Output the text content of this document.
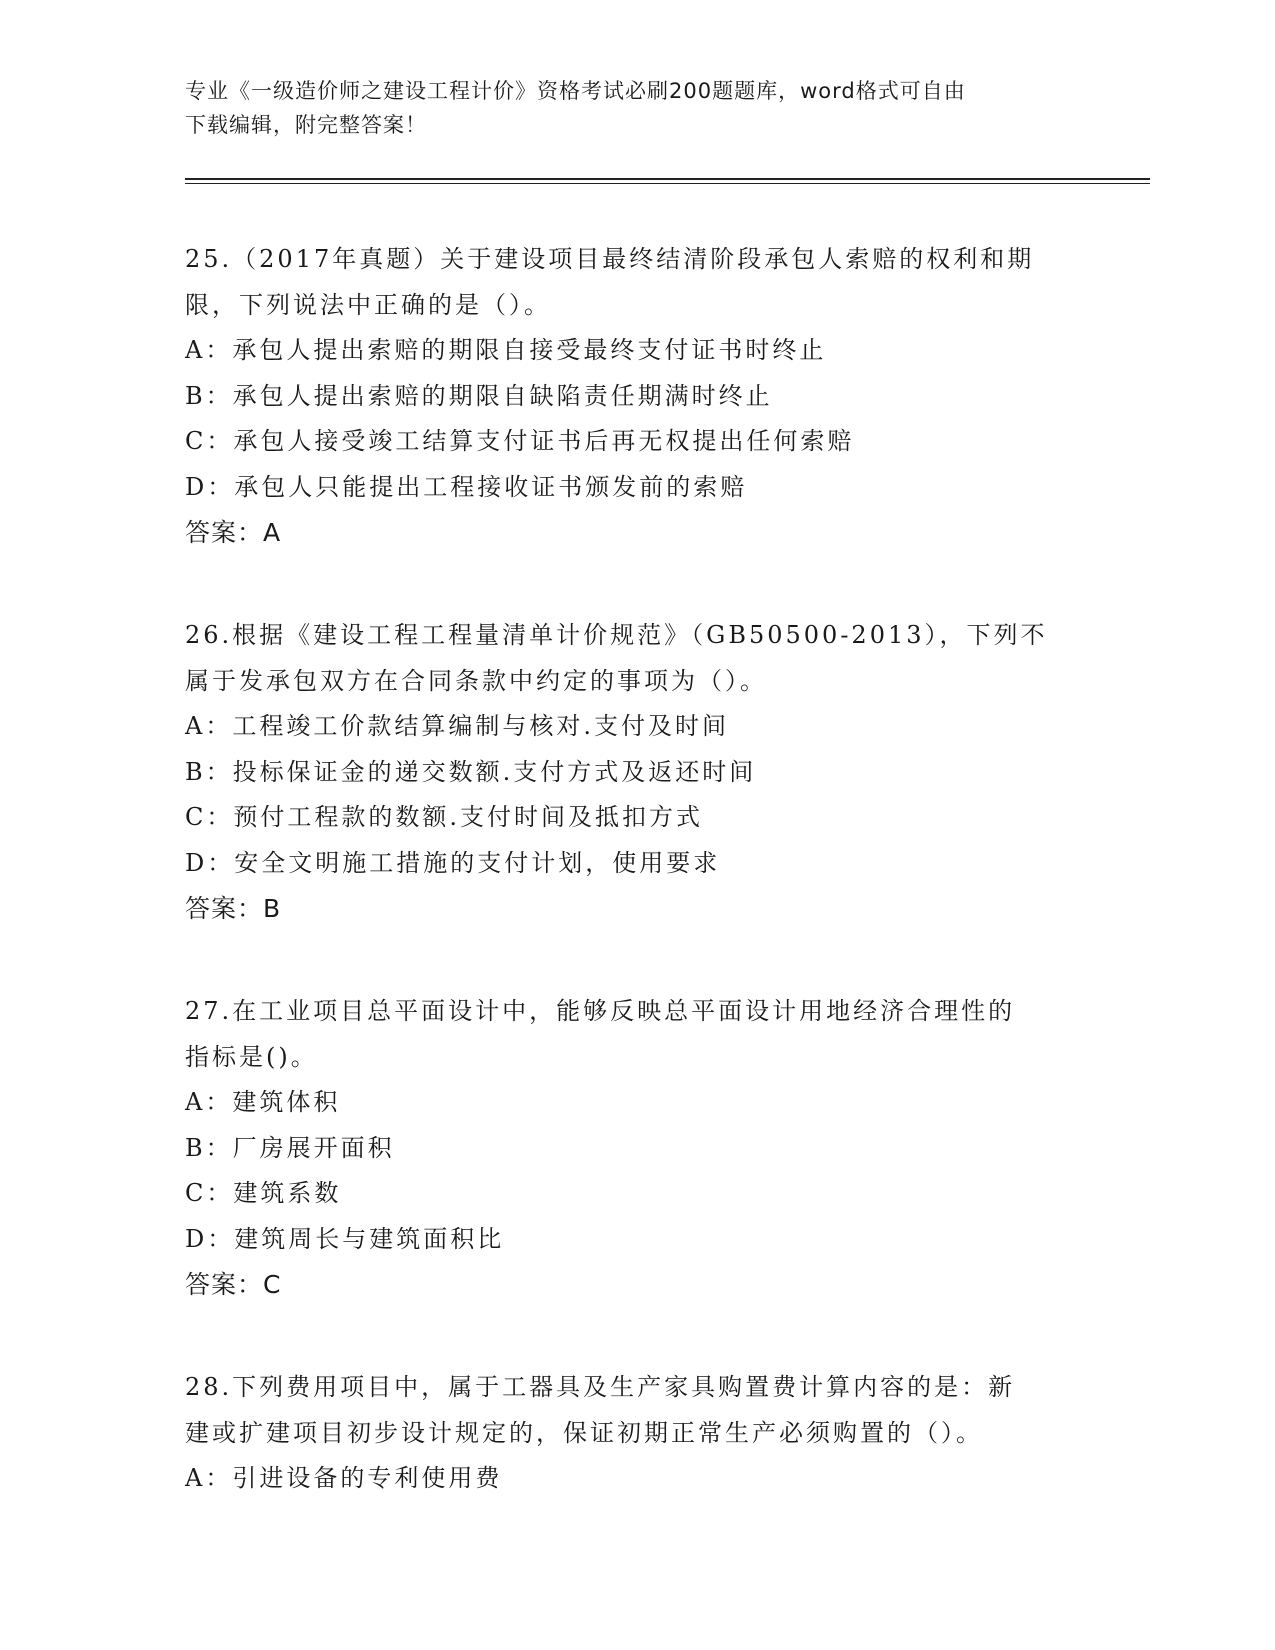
专业《一级造价师之建设工程计价》资格考试必刷200题题库，word格式可自由
下载编辑，附完整答案！

25.（2017年真题）关于建设项目最终结清阶段承包人索赔的权利和期

限，下列说法中正确的是（）。

A：承包人提出索赔的期限自接受最终支付证书时终止

B：承包人提出索赔的期限自缺陷责任期满时终止

C：承包人接受竣工结算支付证书后再无权提出任何索赔

D：承包人只能提出工程接收证书颁发前的索赔

答案：A

26.根据《建设工程工程量清单计价规范》（GB50500-2013），下列不

属于发承包双方在合同条款中约定的事项为（）。

A：工程竣工价款结算编制与核对.支付及时间

B：投标保证金的递交数额.支付方式及返还时间

C：预付工程款的数额.支付时间及抵扣方式

D：安全文明施工措施的支付计划，使用要求

答案：B

27.在工业项目总平面设计中，能够反映总平面设计用地经济合理性的

指标是()。

A：建筑体积

B：厂房展开面积

C：建筑系数

D：建筑周长与建筑面积比

答案：C

28.下列费用项目中，属于工器具及生产家具购置费计算内容的是：新

建或扩建项目初步设计规定的，保证初期正常生产必须购置的（）。

A：引进设备的专利使用费
